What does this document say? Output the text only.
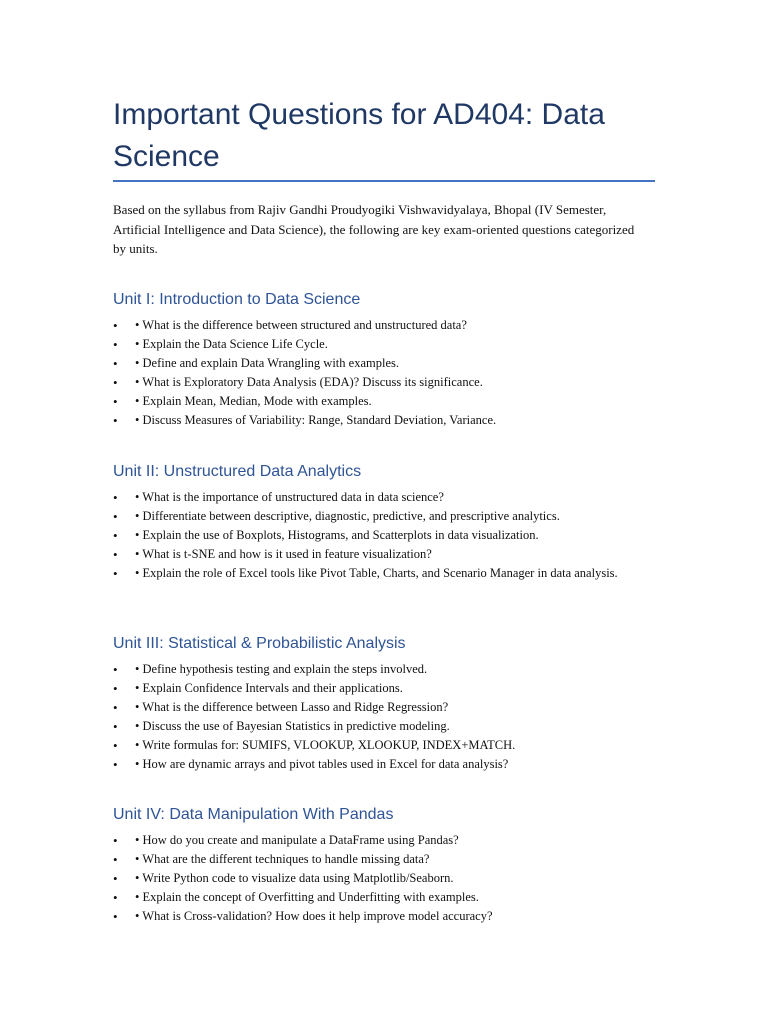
Important Questions for AD404: Data Science

Based on the syllabus from Rajiv Gandhi Proudyogiki Vishwavidyalaya, Bhopal (IV Semester, Artificial Intelligence and Data Science), the following are key exam-oriented questions categorized by units.

Unit I: Introduction to Data Science
• • What is the difference between structured and unstructured data?
• • Explain the Data Science Life Cycle.
• • Define and explain Data Wrangling with examples.
• • What is Exploratory Data Analysis (EDA)? Discuss its significance.
• • Explain Mean, Median, Mode with examples.
• • Discuss Measures of Variability: Range, Standard Deviation, Variance.
Unit II: Unstructured Data Analytics
• • What is the importance of unstructured data in data science?
• • Differentiate between descriptive, diagnostic, predictive, and prescriptive analytics.
• • Explain the use of Boxplots, Histograms, and Scatterplots in data visualization.
• • What is t-SNE and how is it used in feature visualization?
• • Explain the role of Excel tools like Pivot Table, Charts, and Scenario Manager in data analysis.
Unit III: Statistical & Probabilistic Analysis
• • Define hypothesis testing and explain the steps involved.
• • Explain Confidence Intervals and their applications.
• • What is the difference between Lasso and Ridge Regression?
• • Discuss the use of Bayesian Statistics in predictive modeling.
• • Write formulas for: SUMIFS, VLOOKUP, XLOOKUP, INDEX+MATCH.
• • How are dynamic arrays and pivot tables used in Excel for data analysis?
Unit IV: Data Manipulation With Pandas
• • How do you create and manipulate a DataFrame using Pandas?
• • What are the different techniques to handle missing data?
• • Write Python code to visualize data using Matplotlib/Seaborn.
• • Explain the concept of Overfitting and Underfitting with examples.
• • What is Cross-validation? How does it help improve model accuracy?
